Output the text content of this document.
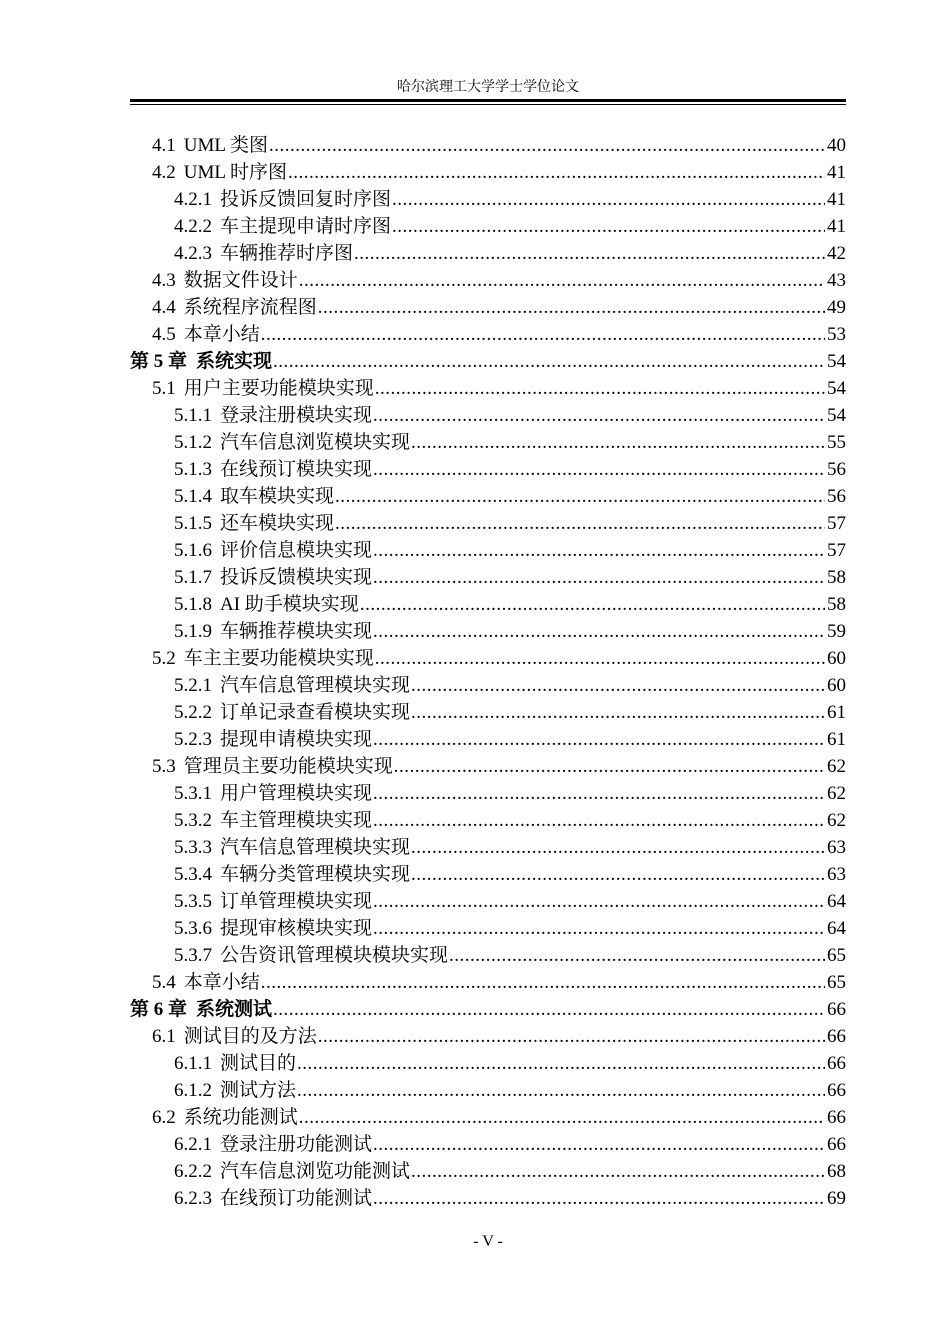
哈尔滨理工大学学士学位论文
4.1 UML 类图 .....	40
4.2 UML 时序图 .....	41
4.2.1 投诉反馈回复时序图 .....	41
4.2.2 车主提现申请时序图 .....	41
4.2.3 车辆推荐时序图 .....	42
4.3 数据文件设计 .....	43
4.4 系统程序流程图 .....	49
4.5 本章小结 .....	53
第 5 章 系统实现 .....	54
5.1 用户主要功能模块实现 .....	54
5.1.1 登录注册模块实现 .....	54
5.1.2 汽车信息浏览模块实现 .....	55
5.1.3 在线预订模块实现 .....	56
5.1.4 取车模块实现 .....	56
5.1.5 还车模块实现 .....	57
5.1.6 评价信息模块实现 .....	57
5.1.7 投诉反馈模块实现 .....	58
5.1.8 AI 助手模块实现 .....	58
5.1.9 车辆推荐模块实现 .....	59
5.2 车主主要功能模块实现 .....	60
5.2.1 汽车信息管理模块实现 .....	60
5.2.2 订单记录查看模块实现 .....	61
5.2.3 提现申请模块实现 .....	61
5.3 管理员主要功能模块实现 .....	62
5.3.1 用户管理模块实现 .....	62
5.3.2 车主管理模块实现 .....	62
5.3.3 汽车信息管理模块实现 .....	63
5.3.4 车辆分类管理模块实现 .....	63
5.3.5 订单管理模块实现 .....	64
5.3.6 提现审核模块实现 .....	64
5.3.7 公告资讯管理模块模块实现 .....	65
5.4 本章小结 .....	65
第 6 章 系统测试 .....	66
6.1 测试目的及方法 .....	66
6.1.1 测试目的 .....	66
6.1.2 测试方法 .....	66
6.2 系统功能测试 .....	66
6.2.1 登录注册功能测试 .....	66
6.2.2 汽车信息浏览功能测试 .....	68
6.2.3 在线预订功能测试 .....	69
- V -
